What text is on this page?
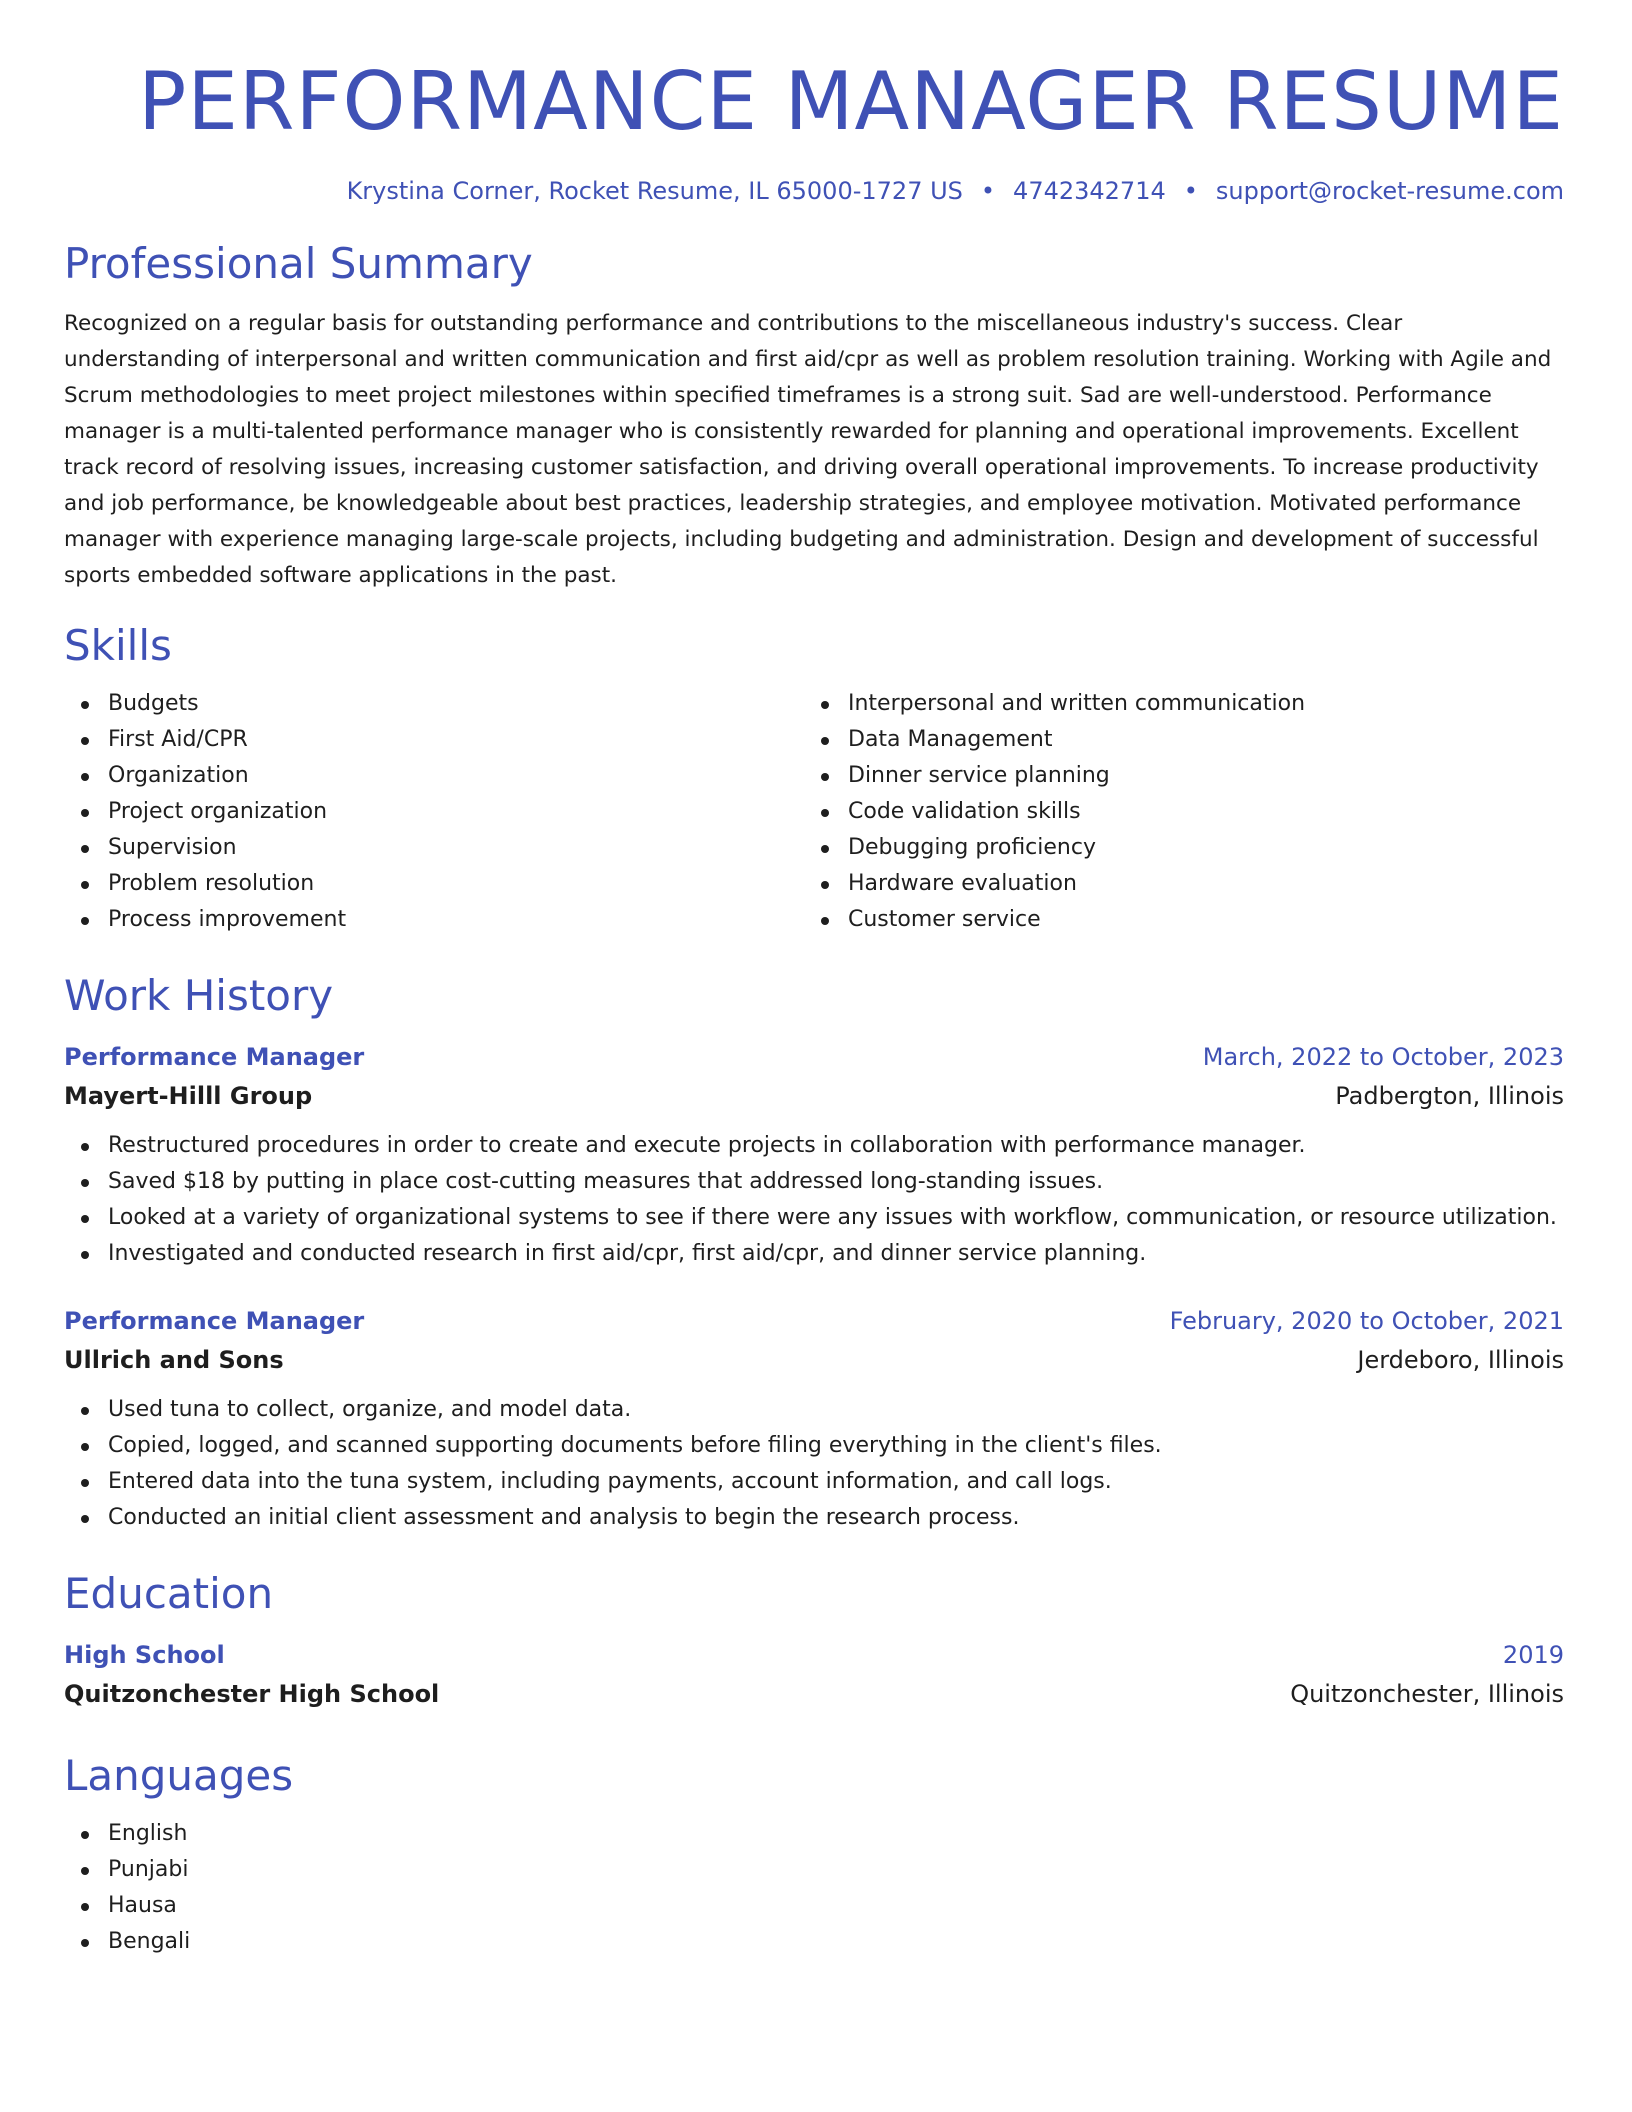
PERFORMANCE MANAGER RESUME
Krystina Corner, Rocket Resume, IL 65000-1727 US • 4742342714 • support@rocket-resume.com
Professional Summary

Recognized on a regular basis for outstanding performance and contributions to the miscellaneous industry's success. Clear understanding of interpersonal and written communication and first aid/cpr as well as problem resolution training. Working with Agile and Scrum methodologies to meet project milestones within specified timeframes is a strong suit. Sad are well-understood. Performance manager is a multi-talented performance manager who is consistently rewarded for planning and operational improvements. Excellent track record of resolving issues, increasing customer satisfaction, and driving overall operational improvements. To increase productivity and job performance, be knowledgeable about best practices, leadership strategies, and employee motivation. Motivated performance manager with experience managing large-scale projects, including budgeting and administration. Design and development of successful sports embedded software applications in the past.

Skills
Budgets
First Aid/CPR
Organization
Project organization
Supervision
Problem resolution
Process improvement
Interpersonal and written communication
Data Management
Dinner service planning
Code validation skills
Debugging proficiency
Hardware evaluation
Customer service
Work History
Performance Manager	March, 2022 to October, 2023
Mayert-Hilll Group	Padbergton, Illinois
Restructured procedures in order to create and execute projects in collaboration with performance manager.
Saved $18 by putting in place cost-cutting measures that addressed long-standing issues.
Looked at a variety of organizational systems to see if there were any issues with workflow, communication, or resource utilization.
Investigated and conducted research in first aid/cpr, first aid/cpr, and dinner service planning.
Performance Manager	February, 2020 to October, 2021
Ullrich and Sons	Jerdeboro, Illinois
Used tuna to collect, organize, and model data.
Copied, logged, and scanned supporting documents before filing everything in the client's files.
Entered data into the tuna system, including payments, account information, and call logs.
Conducted an initial client assessment and analysis to begin the research process.
Education
High School	2019
Quitzonchester High School	Quitzonchester, Illinois
Languages
English
Punjabi
Hausa
Bengali
